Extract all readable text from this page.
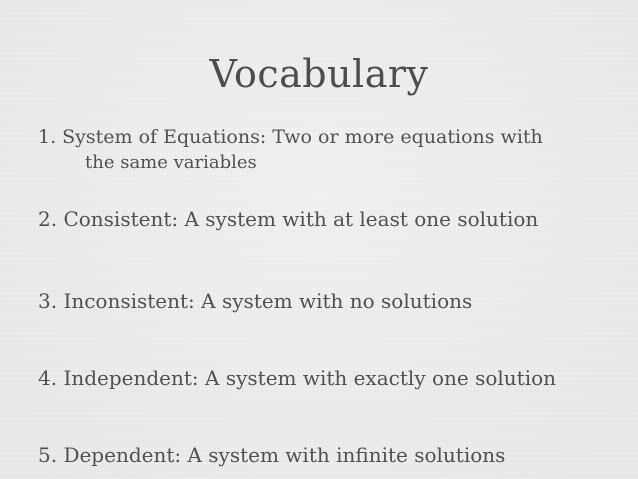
Vocabulary
1. System of Equations: Two or more equations with
the same variables
2. Consistent: A system with at least one solution
3. Inconsistent: A system with no solutions
4. Independent: A system with exactly one solution
5. Dependent: A system with infinite solutions
